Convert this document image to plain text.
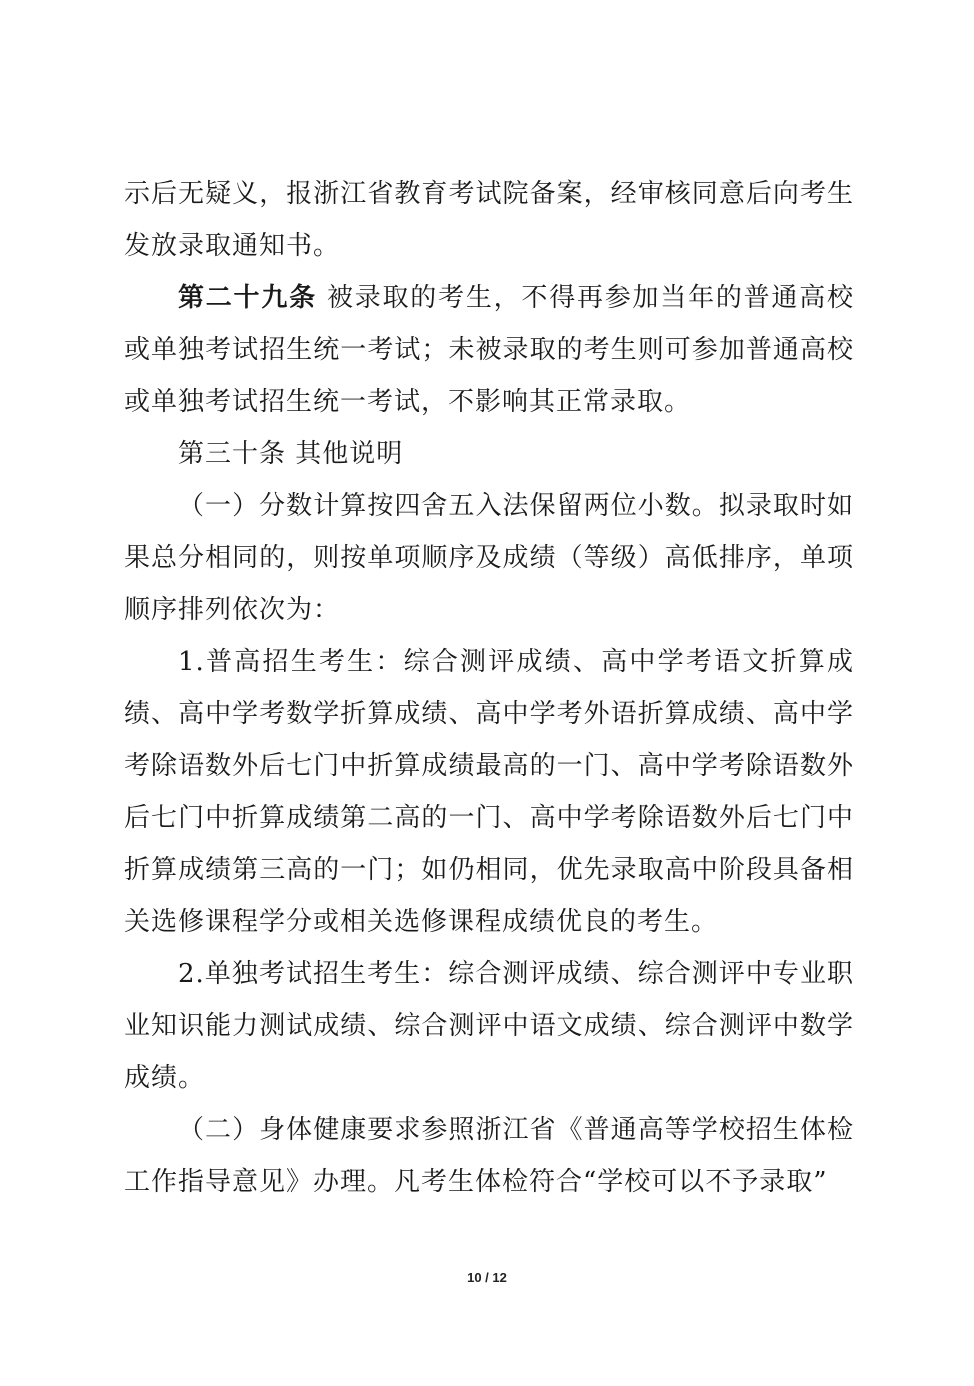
示后无疑义，报浙江省教育考试院备案，经审核同意后向考生发放录取通知书。

第二十九条 被录取的考生，不得再参加当年的普通高校或单独考试招生统一考试；未被录取的考生则可参加普通高校或单独考试招生统一考试，不影响其正常录取。

第三十条 其他说明

（一）分数计算按四舍五入法保留两位小数。拟录取时如果总分相同的，则按单项顺序及成绩（等级）高低排序，单项顺序排列依次为：

1.普高招生考生：综合测评成绩、高中学考语文折算成绩、高中学考数学折算成绩、高中学考外语折算成绩、高中学考除语数外后七门中折算成绩最高的一门、高中学考除语数外后七门中折算成绩第二高的一门、高中学考除语数外后七门中折算成绩第三高的一门；如仍相同，优先录取高中阶段具备相关选修课程学分或相关选修课程成绩优良的考生。

2.单独考试招生考生：综合测评成绩、综合测评中专业职业知识能力测试成绩、综合测评中语文成绩、综合测评中数学成绩。

（二）身体健康要求参照浙江省《普通高等学校招生体检工作指导意见》办理。凡考生体检符合“学校可以不予录取”

10 / 12
